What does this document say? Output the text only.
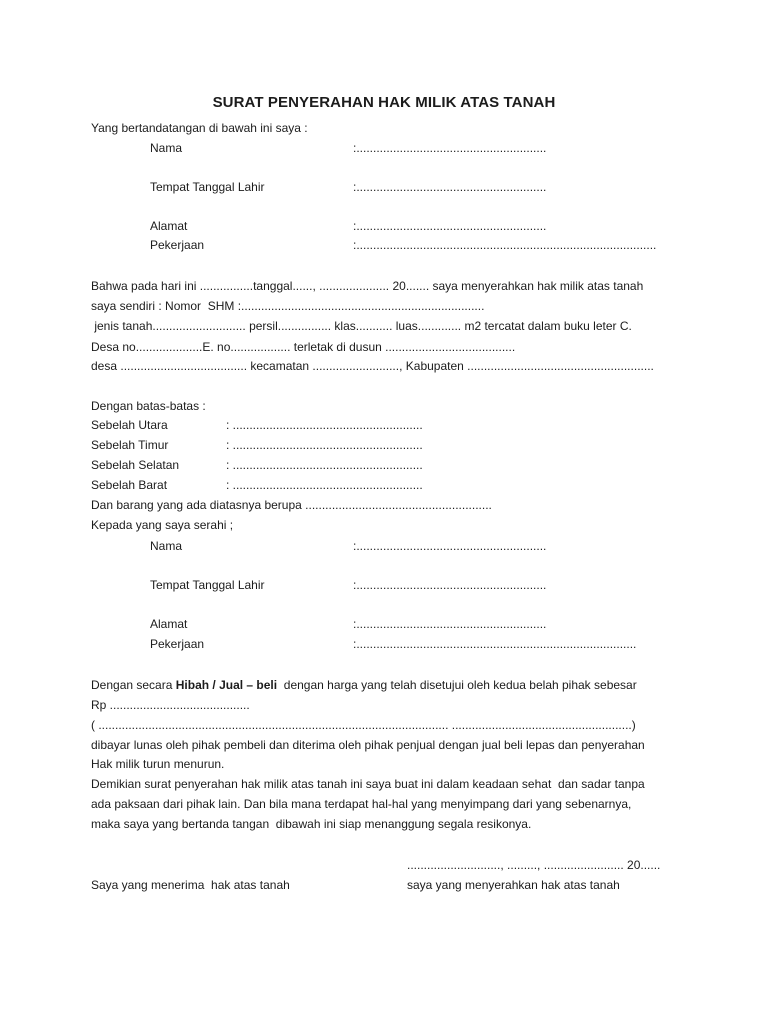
SURAT PENYERAHAN HAK MILIK ATAS TANAH
Yang bertandatangan di bawah ini saya :
Nama	:.........................................................
Tempat Tanggal Lahir	:.........................................................
Alamat	:.........................................................
Pekerjaan	:..........................................................................................
Bahwa pada hari ini ................tanggal......, ..................... 20....... saya menyerahkan hak milik atas tanah
saya sendiri : Nomor  SHM :.........................................................................
jenis tanah............................ persil................ klas........... luas............. m2 tercatat dalam buku leter C.
Desa no....................E. no.................. terletak di dusun .......................................
desa ...................................... kecamatan .........................., Kabupaten ........................................................
Dengan batas-batas :
Sebelah Utara	: .........................................................
Sebelah Timur	: .........................................................
Sebelah Selatan	: .........................................................
Sebelah Barat	: .........................................................
Dan barang yang ada diatasnya berupa ........................................................
Kepada yang saya serahi ;
Nama	:.........................................................
Tempat Tanggal Lahir	:.........................................................
Alamat	:.........................................................
Pekerjaan	:....................................................................................
Dengan secara Hibah / Jual – beli  dengan harga yang telah disetujui oleh kedua belah pihak sebesar
Rp ..........................................
( ......................................................................................................... ......................................................)
dibayar lunas oleh pihak pembeli dan diterima oleh pihak penjual dengan jual beli lepas dan penyerahan
Hak milik turun menurun.
Demikian surat penyerahan hak milik atas tanah ini saya buat ini dalam keadaan sehat  dan sadar tanpa
ada paksaan dari pihak lain. Dan bila mana terdapat hal-hal yang menyimpang dari yang sebenarnya,
maka saya yang bertanda tangan  dibawah ini siap menanggung segala resikonya.
............................, ........., ........................ 20......
Saya yang menerima  hak atas tanah	saya yang menyerahkan hak atas tanah
